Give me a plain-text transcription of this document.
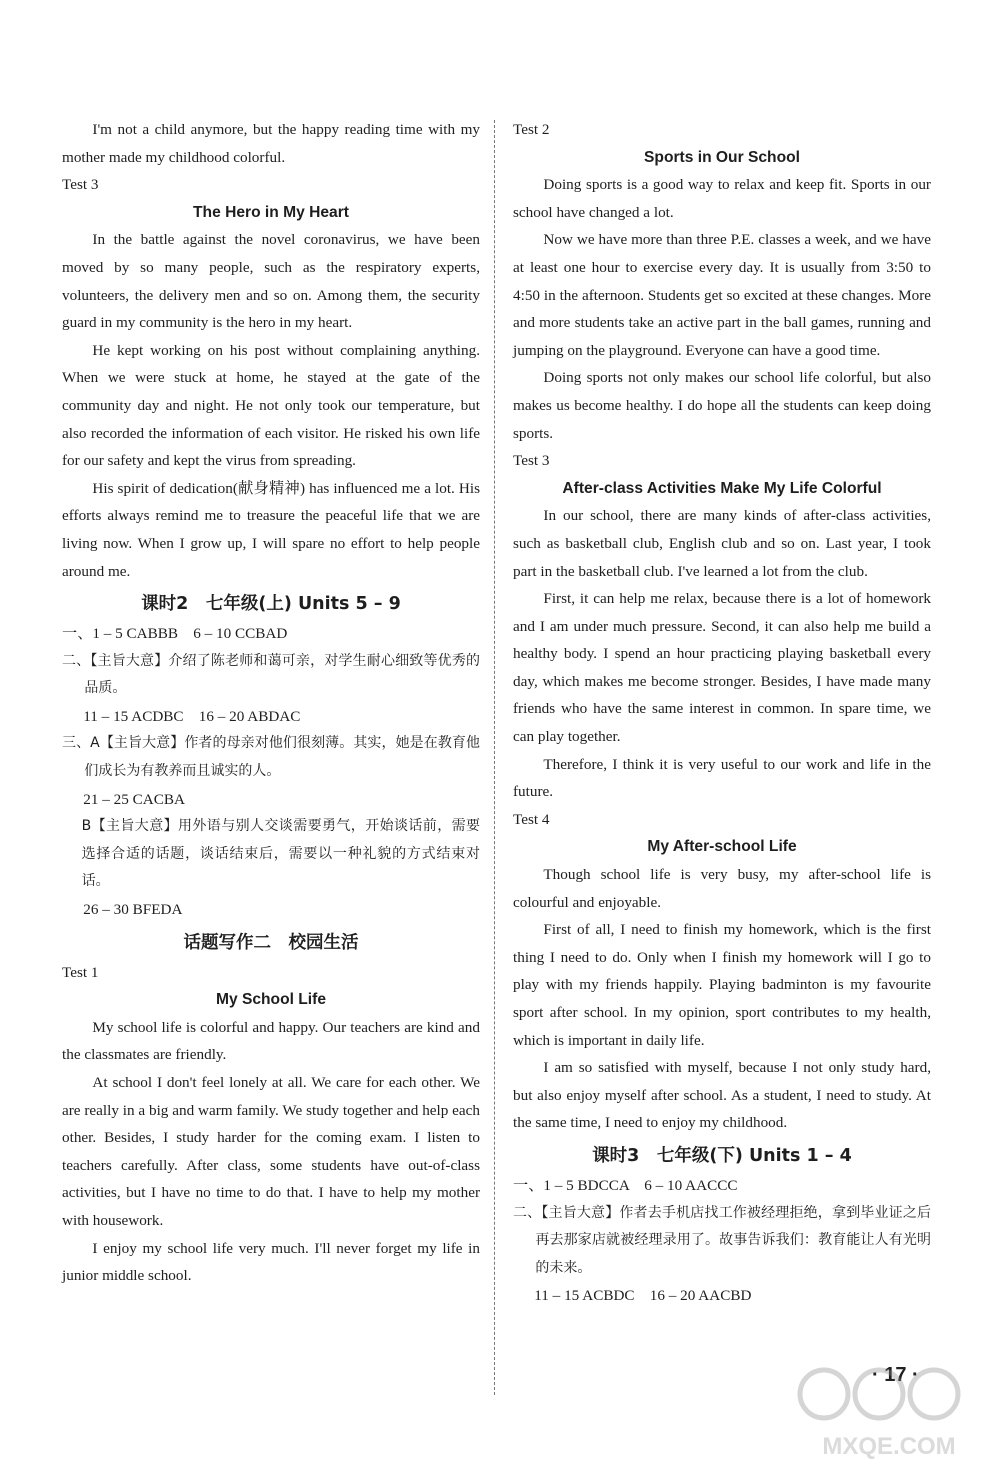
I'm not a child anymore, but the happy reading time with my mother made my childhood colorful.

Test 3

The Hero in My Heart

In the battle against the novel coronavirus, we have been moved by so many people, such as the respiratory experts, volunteers, the delivery men and so on. Among them, the security guard in my community is the hero in my heart.

He kept working on his post without complaining anything. When we were stuck at home, he stayed at the gate of the community day and night. He not only took our temperature, but also recorded the information of each visitor. He risked his own life for our safety and kept the virus from spreading.

His spirit of dedication(献身精神) has influenced me a lot. His efforts always remind me to treasure the peaceful life that we are living now. When I grow up, I will spare no effort to help people around me.

课时2　七年级(上) Units 5 – 9

一、1 – 5 CABBB　6 – 10 CCBAD

二、【主旨大意】介绍了陈老师和蔼可亲，对学生耐心细致等优秀的品质。

11 – 15 ACDBC　16 – 20 ABDAC

三、A【主旨大意】作者的母亲对他们很刻薄。其实，她是在教育他们成长为有教养而且诚实的人。

21 – 25 CACBA

B【主旨大意】用外语与别人交谈需要勇气，开始谈话前，需要选择合适的话题，谈话结束后，需要以一种礼貌的方式结束对话。

26 – 30 BFEDA

话题写作二　校园生活

Test 1

My School Life

My school life is colorful and happy. Our teachers are kind and the classmates are friendly.

At school I don't feel lonely at all. We care for each other. We are really in a big and warm family. We study together and help each other. Besides, I study harder for the coming exam. I listen to teachers carefully. After class, some students have out-of-class activities, but I have no time to do that. I have to help my mother with housework.

I enjoy my school life very much. I'll never forget my life in junior middle school.

Test 2

Sports in Our School

Doing sports is a good way to relax and keep fit. Sports in our school have changed a lot.

Now we have more than three P.E. classes a week, and we have at least one hour to exercise every day. It is usually from 3:50 to 4:50 in the afternoon. Students get so excited at these changes. More and more students take an active part in the ball games, running and jumping on the playground. Everyone can have a good time.

Doing sports not only makes our school life colorful, but also makes us become healthy. I do hope all the students can keep doing sports.

Test 3

After-class Activities Make My Life Colorful

In our school, there are many kinds of after-class activities, such as basketball club, English club and so on. Last year, I took part in the basketball club. I've learned a lot from the club.

First, it can help me relax, because there is a lot of homework and I am under much pressure. Second, it can also help me build a healthy body. I spend an hour practicing playing basketball every day, which makes me become stronger. Besides, I have made many friends who have the same interest in common. In spare time, we can play together.

Therefore, I think it is very useful to our work and life in the future.

Test 4

My After-school Life

Though school life is very busy, my after-school life is colourful and enjoyable.

First of all, I need to finish my homework, which is the first thing I need to do. Only when I finish my homework will I go to play with my friends happily. Playing badminton is my favourite sport after school. In my opinion, sport contributes to my health, which is important in daily life.

I am so satisfied with myself, because I not only study hard, but also enjoy myself after school. As a student, I need to study. At the same time, I need to enjoy my childhood.

课时3　七年级(下) Units 1 – 4

一、1 – 5 BDCCA　6 – 10 AACCC

二、【主旨大意】作者去手机店找工作被经理拒绝，拿到毕业证之后再去那家店就被经理录用了。故事告诉我们：教育能让人有光明的未来。

11 – 15 ACBDC　16 – 20 AACBD

· 17 ·
MXQE.COM
